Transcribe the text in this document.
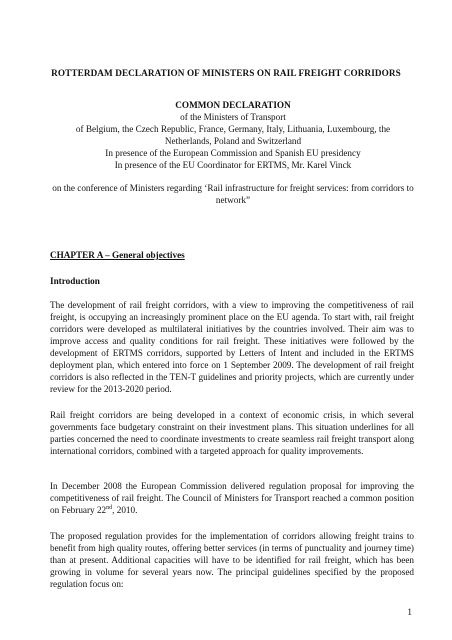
ROTTERDAM DECLARATION OF MINISTERS ON RAIL FREIGHT CORRIDORS
COMMON DECLARATION
of the Ministers of Transport
of Belgium, the Czech Republic, France, Germany, Italy, Lithuania, Luxembourg, the Netherlands, Poland and Switzerland
In presence of the European Commission and Spanish EU presidency
In presence of the EU Coordinator for ERTMS, Mr. Karel Vinck
on the conference of Ministers regarding ‘Rail infrastructure for freight services: from corridors to network”
CHAPTER A – General objectives
Introduction
The development of rail freight corridors, with a view to improving the competitiveness of rail freight, is occupying an increasingly prominent place on the EU agenda. To start with, rail freight corridors were developed as multilateral initiatives by the countries involved. Their aim was to improve access and quality conditions for rail freight. These initiatives were followed by the development of ERTMS corridors, supported by Letters of Intent and included in the ERTMS deployment plan, which entered into force on 1 September 2009. The development of rail freight corridors is also reflected in the TEN-T guidelines and priority projects, which are currently under review for the 2013-2020 period.
Rail freight corridors are being developed in a context of economic crisis, in which several governments face budgetary constraint on their investment plans. This situation underlines for all parties concerned the need to coordinate investments to create seamless rail freight transport along international corridors, combined with a targeted approach for quality improvements.
In December 2008 the European Commission delivered regulation proposal for improving the competitiveness of rail freight. The Council of Ministers for Transport reached a common position on February 22nd, 2010.
The proposed regulation provides for the implementation of corridors allowing freight trains to benefit from high quality routes, offering better services (in terms of punctuality and journey time) than at present. Additional capacities will have to be identified for rail freight, which has been growing in volume for several years now. The principal guidelines specified by the proposed regulation focus on:
1
